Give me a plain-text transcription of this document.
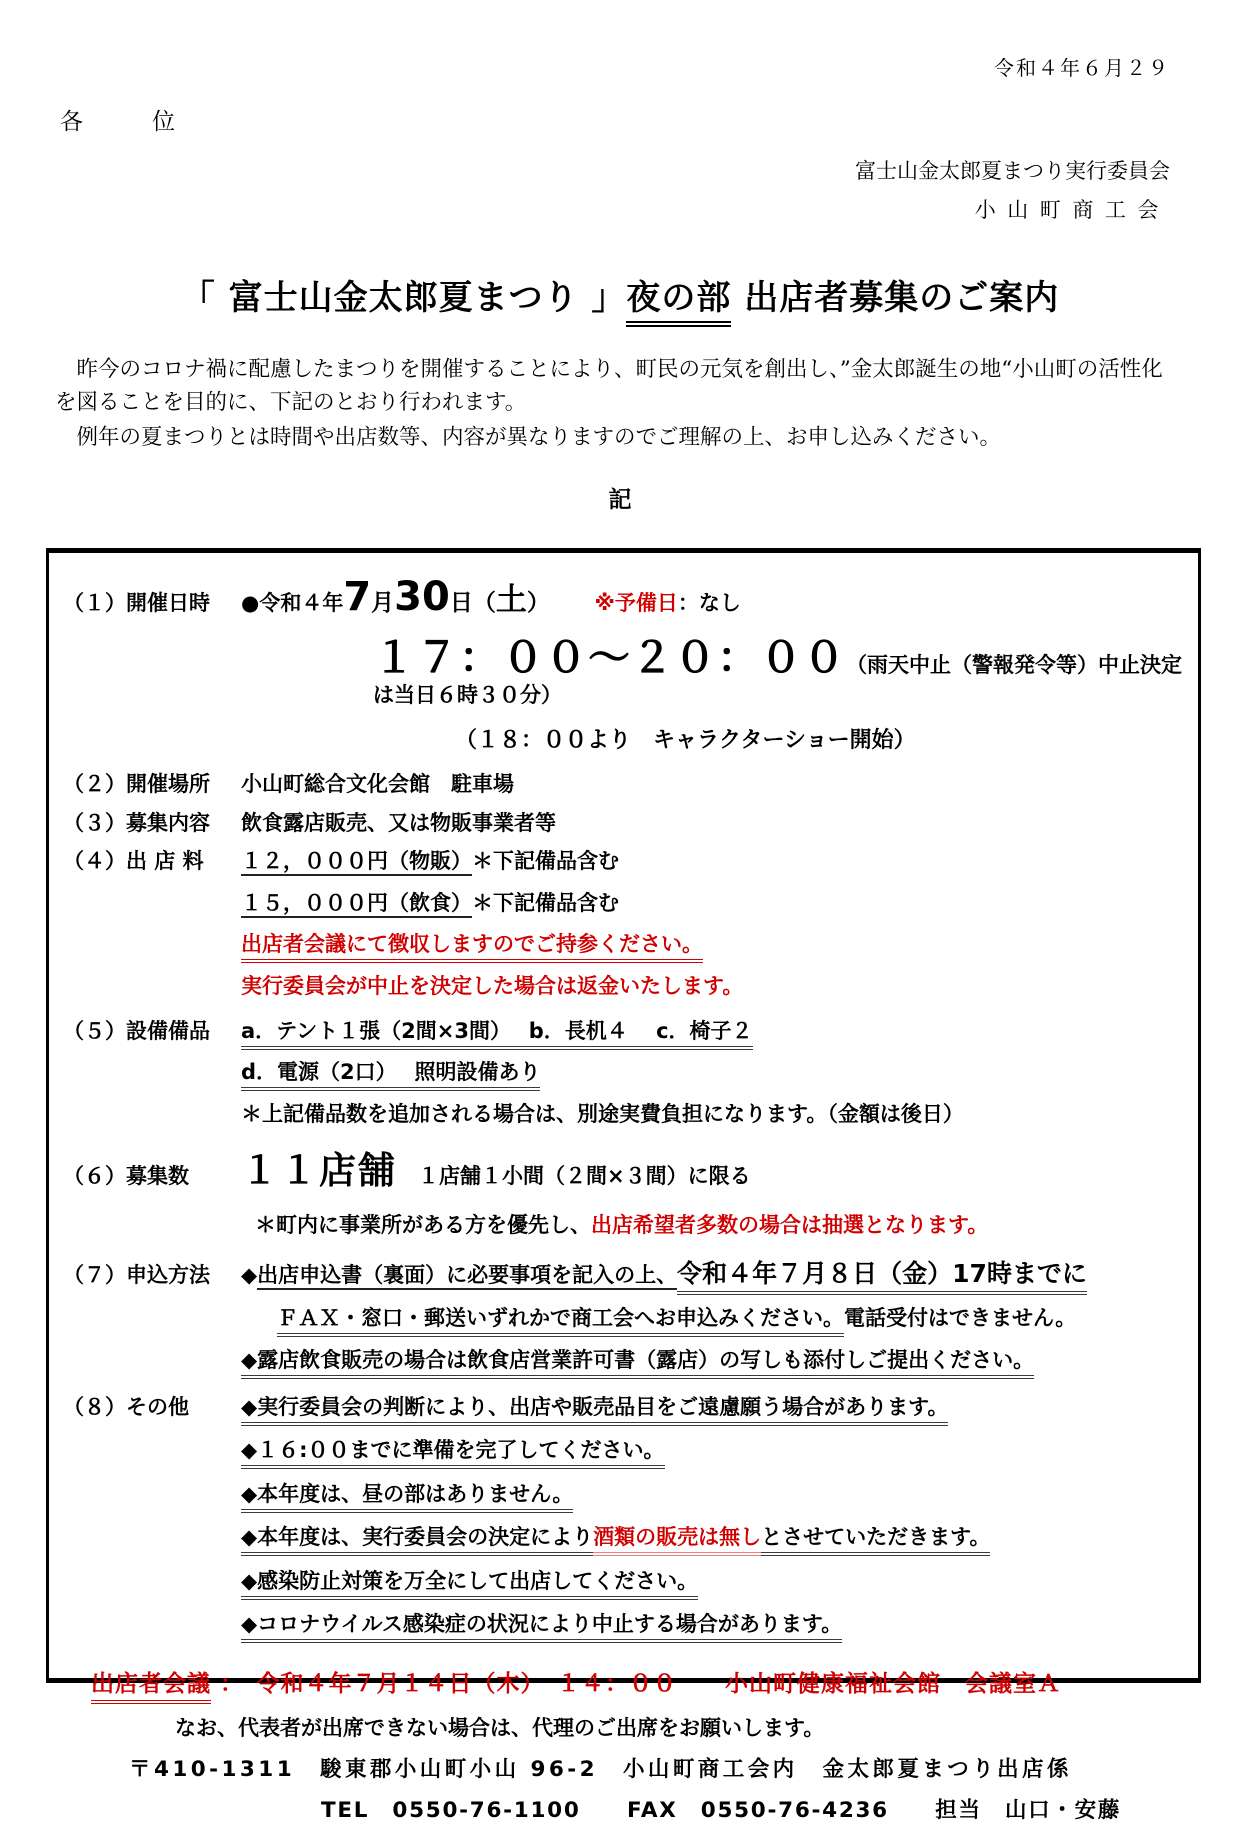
令和４年６月２９
各　　　位
富士山金太郎夏まつり実行委員会
小山町商工会
「 富士山金太郎夏まつり 」夜の部 出店者募集のご案内

　昨今のコロナ禍に配慮したまつりを開催することにより、町民の元気を創出し、”金太郎誕生の地“小山町の活性化を図ることを目的に、下記のとおり行われます。

　例年の夏まつりとは時間や出店数等、内容が異なりますのでご理解の上、お申し込みください。

記
（１）開催日時	●令和４年7月30日（土） ※予備日：なし
１７：００～２０：００（雨天中止（警報発令等）中止決定は当日６時３０分）
（１８：００より　キャラクターショー開始）
（２）開催場所	小山町総合文化会館　駐車場
（３）募集内容	飲食露店販売、又は物販事業者等
（４）出 店 料	１２，０００円（物販）＊下記備品含む
１５，０００円（飲食）＊下記備品含む
出店者会議にて徴収しますのでご持参ください。
実行委員会が中止を決定した場合は返金いたします。
（５）設備備品	a．テント１張（2間×3間）　 b．長机４　 c．椅子２
d．電源（2口）　 照明設備あり
＊上記備品数を追加される場合は、別途実費負担になります。（金額は後日）
（６）募集数	１１店舗　１店舗１小間（２間×３間）に限る
＊町内に事業所がある方を優先し、出店希望者多数の場合は抽選となります。
（７）申込方法	◆出店申込書（裏面）に必要事項を記入の上、令和４年７月８日（金）17時までに
ＦＡＸ・窓口・郵送いずれかで商工会へお申込みください。電話受付はできません。
◆露店飲食販売の場合は飲食店営業許可書（露店）の写しも添付しご提出ください。
（８）その他	◆実行委員会の判断により、出店や販売品目をご遠慮願う場合があります。
◆１６:００までに準備を完了してください。
◆本年度は、昼の部はありません。
◆本年度は、実行委員会の決定により酒類の販売は無しとさせていただきます。
◆感染防止対策を万全にして出店してください。
◆コロナウイルス感染症の状況により中止する場合があります。
出店者会議 ：　令和４年７月１４日（木）　１４：００　　小山町健康福祉会館　会議室Ａ
なお、代表者が出席できない場合は、代理のご出席をお願いします。
〒410-1311　駿東郡小山町小山 96-2　小山町商工会内　金太郎夏まつり出店係
TEL　0550-76-1100　　FAX　0550-76-4236　　担当　山口・安藤
